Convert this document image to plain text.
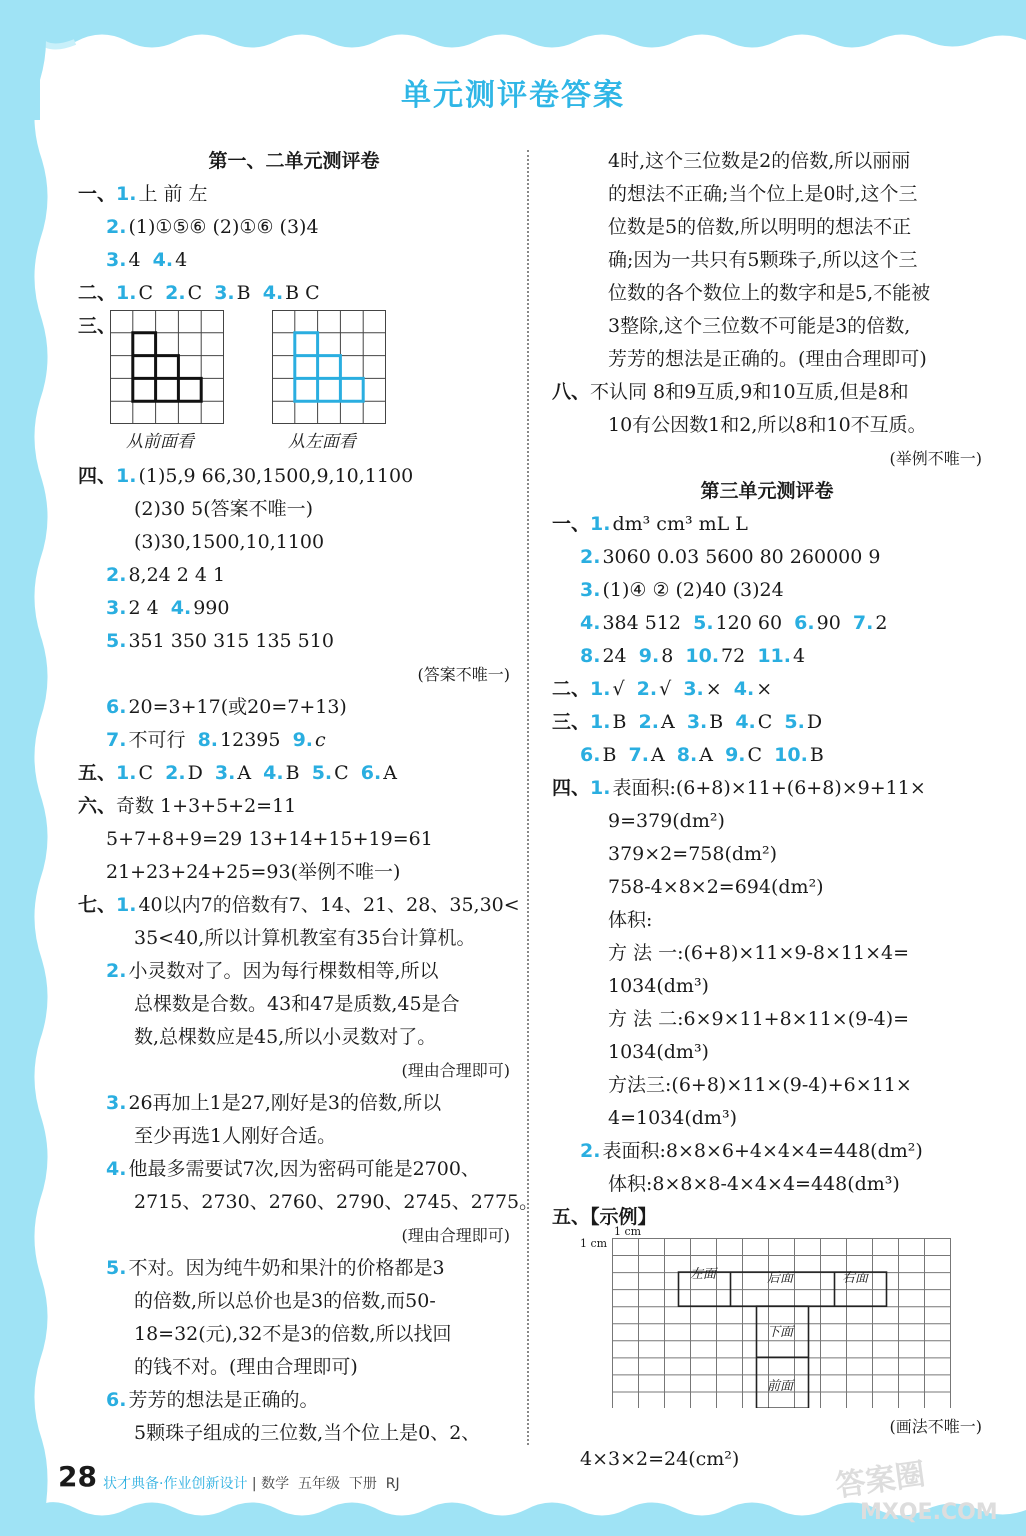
单元测评卷答案
第一、二单元测评卷
一、1. 上 前 左
2. (1)①⑤⑥ (2)①⑥ (3)4
3. 4 4. 4
二、1. C 2. C 3. B 4. B C
三、
从前面看	从左面看
四、1. (1)5,9 66,30,1500,9,10,1100
(2)30 5(答案不唯一)
(3)30,1500,10,1100
2. 8,24 2 4 1
3. 2 4 4. 990
5. 351 350 315 135 510
(答案不唯一)
6. 20=3+17(或20=7+13)
7. 不可行 8. 12395 9. c
五、1. C 2. D 3. A 4. B 5. C 6. A
六、奇数 1+3+5+2=11
5+7+8+9=29 13+14+15+19=61
21+23+24+25=93(举例不唯一)
七、1. 40以内7的倍数有7、14、21、28、35,30<
35<40,所以计算机教室有35台计算机。
2. 小灵数对了。因为每行棵数相等,所以
总棵数是合数。43和47是质数,45是合
数,总棵数应是45,所以小灵数对了。
(理由合理即可)
3. 26再加上1是27,刚好是3的倍数,所以
至少再选1人刚好合适。
4. 他最多需要试7次,因为密码可能是2700、
2715、2730、2760、2790、2745、2775。
(理由合理即可)
5. 不对。因为纯牛奶和果汁的价格都是3
的倍数,所以总价也是3的倍数,而50-
18=32(元),32不是3的倍数,所以找回
的钱不对。(理由合理即可)
6. 芳芳的想法是正确的。
5颗珠子组成的三位数,当个位上是0、2、
4时,这个三位数是2的倍数,所以丽丽
的想法不正确;当个位上是0时,这个三
位数是5的倍数,所以明明的想法不正
确;因为一共只有5颗珠子,所以这个三
位数的各个数位上的数字和是5,不能被
3整除,这个三位数不可能是3的倍数,
芳芳的想法是正确的。(理由合理即可)
八、不认同 8和9互质,9和10互质,但是8和
10有公因数1和2,所以8和10不互质。
(举例不唯一)
第三单元测评卷
一、1. dm³ cm³ mL L
2. 3060 0.03 5600 80 260000 9
3. (1)④ ② (2)40 (3)24
4. 384 512 5. 120 60 6. 90 7. 2
8. 24 9. 8 10. 72 11. 4
二、1. √ 2. √ 3. × 4. ×
三、1. B 2. A 3. B 4. C 5. D
6. B 7. A 8. A 9. C 10. B
四、1. 表面积:(6+8)×11+(6+8)×9+11×
9=379(dm²)
379×2=758(dm²)
758-4×8×2=694(dm²)
体积:
方 法 一:(6+8)×11×9-8×11×4=
1034(dm³)
方 法 二:6×9×11+8×11×(9-4)=
1034(dm³)
方法三:(6+8)×11×(9-4)+6×11×
4=1034(dm³)
2. 表面积:8×8×6+4×4×4=448(dm²)
体积:8×8×8-4×4×4=448(dm³)
五、【示例】
1 cm
1 cm
左面	后面	右面
下面
前面
(画法不唯一)
4×3×2=24(cm²)
28 状才典备·作业创新设计 | 数学 五年级 下册 RJ	答案圈
MXQE.COM
